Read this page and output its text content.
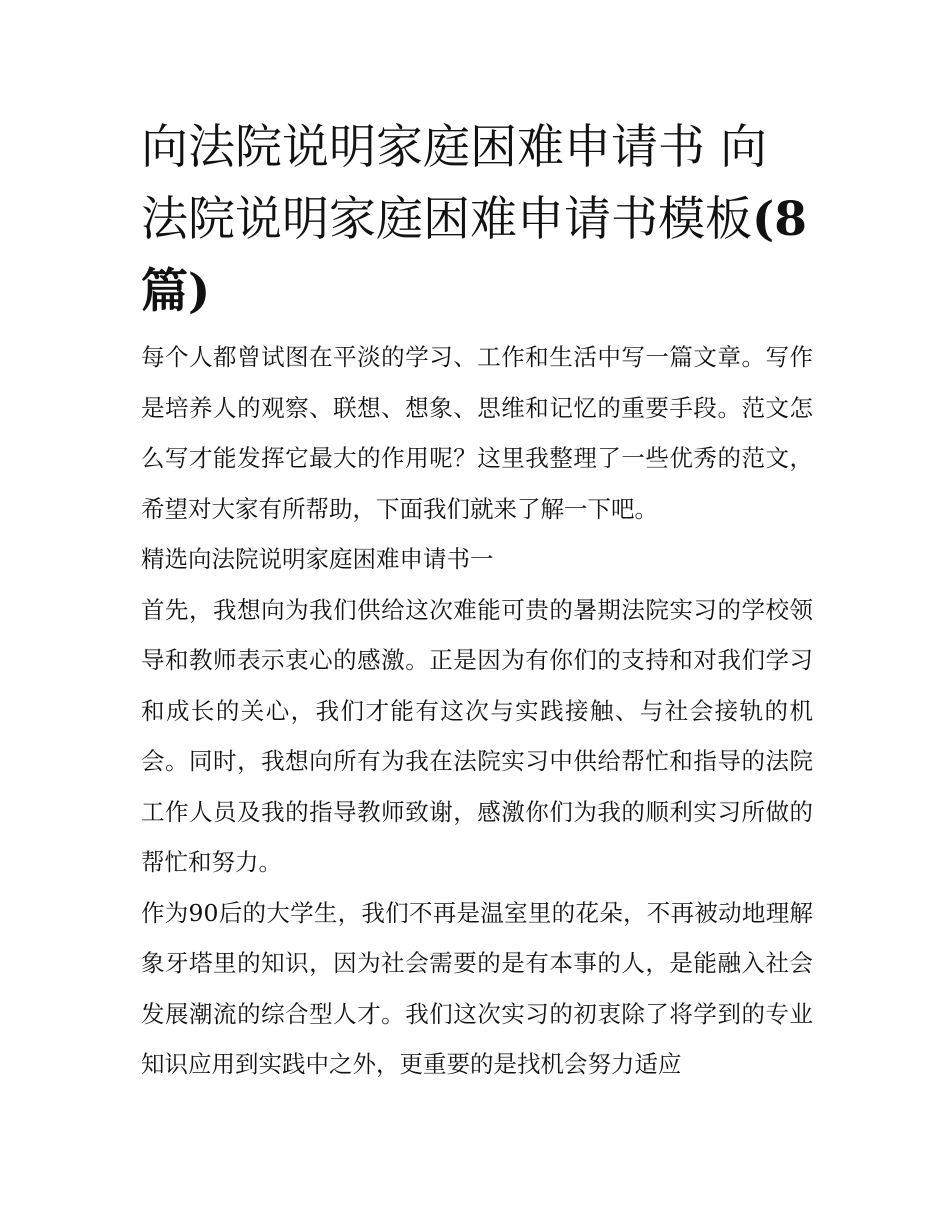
向法院说明家庭困难申请书 向法院说明家庭困难申请书模板(8篇)

每个人都曾试图在平淡的学习、工作和生活中写一篇文章。写作是培养人的观察、联想、想象、思维和记忆的重要手段。范文怎么写才能发挥它最大的作用呢？这里我整理了一些优秀的范文，希望对大家有所帮助，下面我们就来了解一下吧。

精选向法院说明家庭困难申请书一

首先，我想向为我们供给这次难能可贵的暑期法院实习的学校领导和教师表示衷心的感激。正是因为有你们的支持和对我们学习和成长的关心，我们才能有这次与实践接触、与社会接轨的机会。同时，我想向所有为我在法院实习中供给帮忙和指导的法院工作人员及我的指导教师致谢，感激你们为我的顺利实习所做的帮忙和努力。

作为90后的大学生，我们不再是温室里的花朵，不再被动地理解象牙塔里的知识，因为社会需要的是有本事的人，是能融入社会发展潮流的综合型人才。我们这次实习的初衷除了将学到的专业知识应用到实践中之外，更重要的是找机会努力适应
